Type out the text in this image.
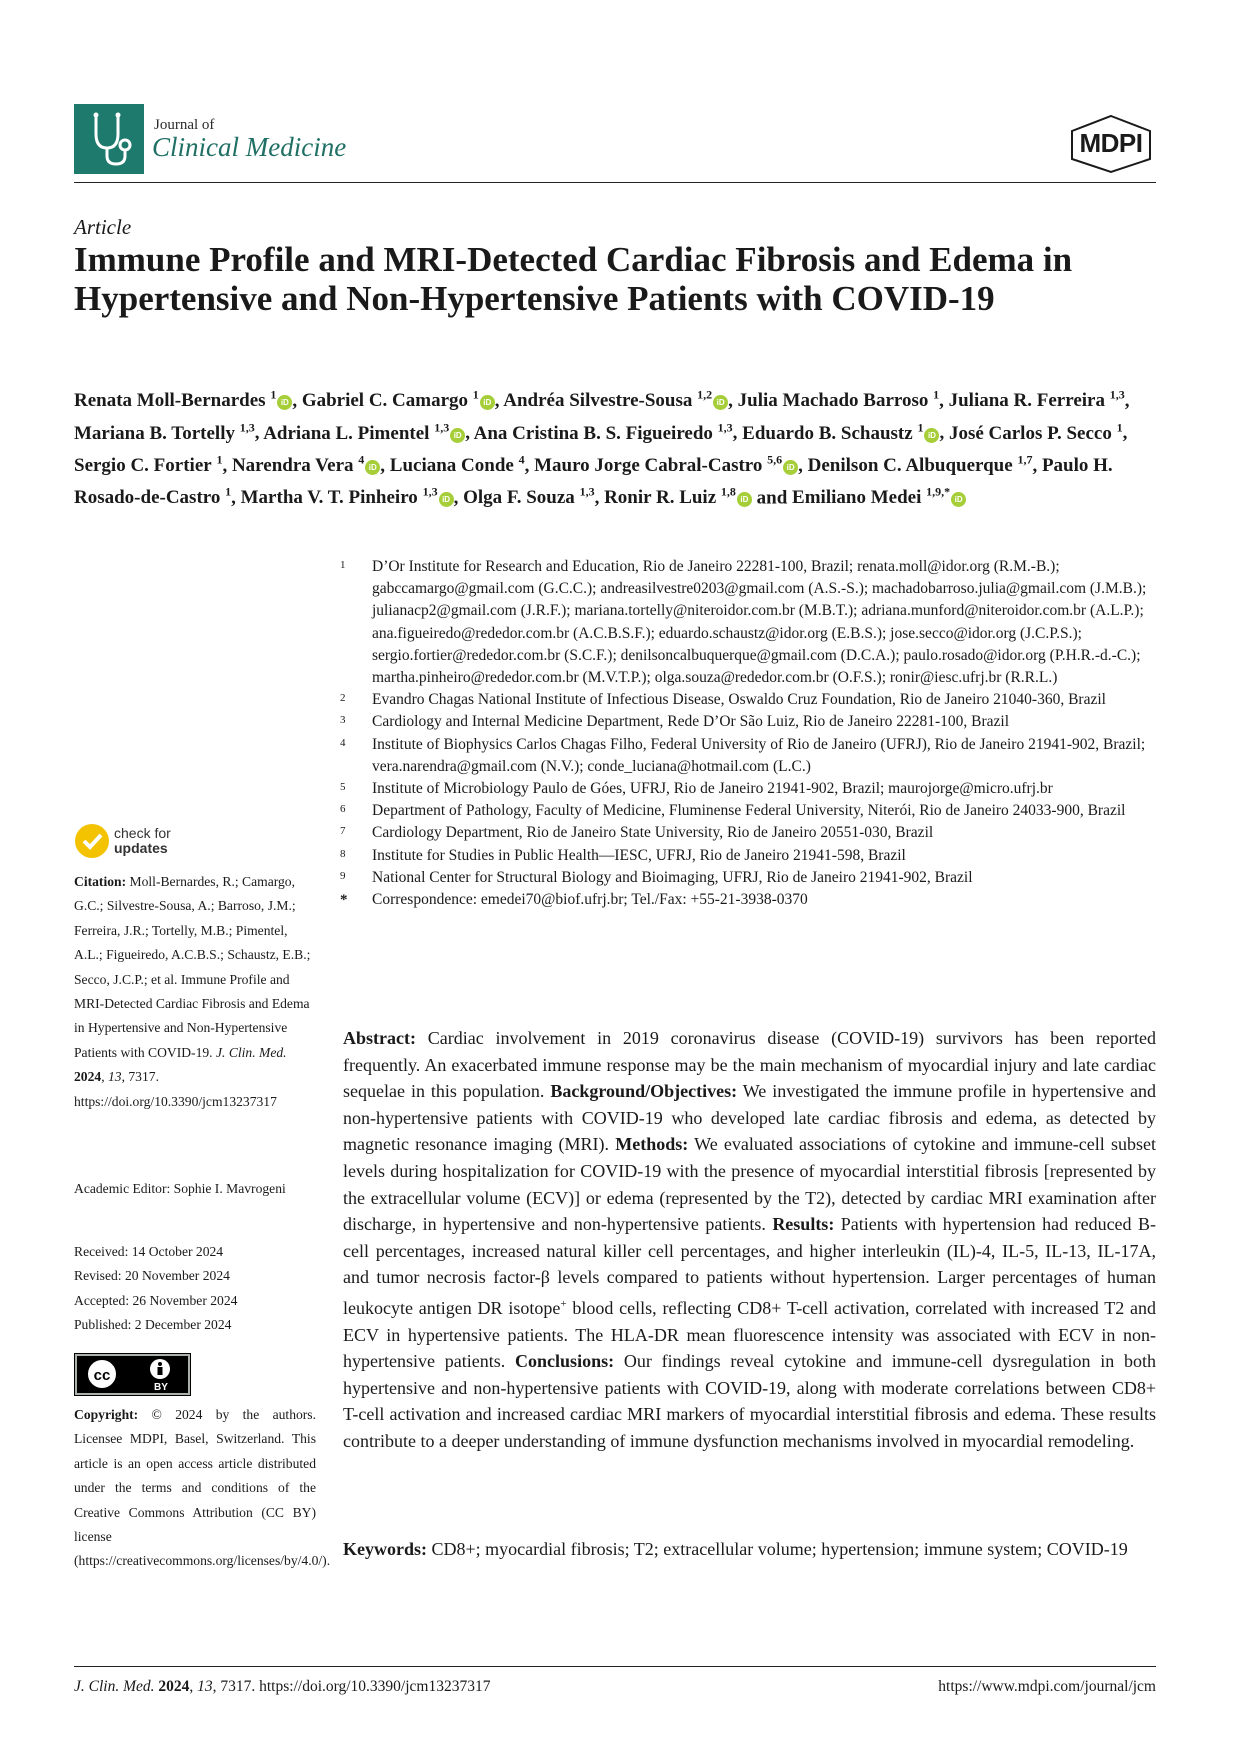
Journal of
Clinical Medicine	MDPI
Article
Immune Profile and MRI-Detected Cardiac Fibrosis and Edema in Hypertensive and Non-Hypertensive Patients with COVID-19
Renata Moll-Bernardes $^1$iD , Gabriel C. Camargo $^1$iD , Andréa Silvestre-Sousa $^{1,2}$iD , Julia Machado Barroso $^1$, Juliana R. Ferreira $^{1,3}$, Mariana B. Tortelly $^{1,3}$, Adriana L. Pimentel $^{1,3}$iD , Ana Cristina B. S. Figueiredo $^{1,3}$, Eduardo B. Schaustz $^1$iD , José Carlos P. Secco $^1$, Sergio C. Fortier $^1$, Narendra Vera $^4$iD , Luciana Conde $^4$, Mauro Jorge Cabral-Castro $^{5,6}$iD , Denilson C. Albuquerque $^{1,7}$, Paulo H. Rosado-de-Castro $^1$, Martha V. T. Pinheiro $^{1,3}$iD , Olga F. Souza $^{1,3}$, Ronir R. Luiz $^{1,8}$iD and Emiliano Medei $^{1,9,*}$iD
1 D’Or Institute for Research and Education, Rio de Janeiro 22281-100, Brazil; renata.moll@idor.org (R.M.-B.); gabccamargo@gmail.com (G.C.C.); andreasilvestre0203@gmail.com (A.S.-S.); machadobarroso.julia@gmail.com (J.M.B.); julianacp2@gmail.com (J.R.F.); mariana.tortelly@niteroidor.com.br (M.B.T.); adriana.munford@niteroidor.com.br (A.L.P.); ana.figueiredo@rededor.com.br (A.C.B.S.F.); eduardo.schaustz@idor.org (E.B.S.); jose.secco@idor.org (J.C.P.S.); sergio.fortier@rededor.com.br (S.C.F.); denilsoncalbuquerque@gmail.com (D.C.A.); paulo.rosado@idor.org (P.H.R.-d.-C.); martha.pinheiro@rededor.com.br (M.V.T.P.); olga.souza@rededor.com.br (O.F.S.); ronir@iesc.ufrj.br (R.R.L.)
2 Evandro Chagas National Institute of Infectious Disease, Oswaldo Cruz Foundation, Rio de Janeiro 21040-360, Brazil
3 Cardiology and Internal Medicine Department, Rede D’Or São Luiz, Rio de Janeiro 22281-100, Brazil
4 Institute of Biophysics Carlos Chagas Filho, Federal University of Rio de Janeiro (UFRJ), Rio de Janeiro 21941-902, Brazil; vera.narendra@gmail.com (N.V.); conde_luciana@hotmail.com (L.C.)
5 Institute of Microbiology Paulo de Góes, UFRJ, Rio de Janeiro 21941-902, Brazil; maurojorge@micro.ufrj.br
6 Department of Pathology, Faculty of Medicine, Fluminense Federal University, Niterói, Rio de Janeiro 24033-900, Brazil
7 Cardiology Department, Rio de Janeiro State University, Rio de Janeiro 20551-030, Brazil
8 Institute for Studies in Public Health—IESC, UFRJ, Rio de Janeiro 21941-598, Brazil
9 National Center for Structural Biology and Bioimaging, UFRJ, Rio de Janeiro 21941-902, Brazil
* Correspondence: emedei70@biof.ufrj.br; Tel./Fax: +55-21-3938-0370
check for
updates
Citation: Moll-Bernardes, R.; Camargo, G.C.; Silvestre-Sousa, A.; Barroso, J.M.; Ferreira, J.R.; Tortelly, M.B.; Pimentel, A.L.; Figueiredo, A.C.B.S.; Schaustz, E.B.; Secco, J.C.P.; et al. Immune Profile and MRI-Detected Cardiac Fibrosis and Edema in Hypertensive and Non-Hypertensive Patients with COVID-19. J. Clin. Med. 2024, 13, 7317. https://doi.org/10.3390/jcm13237317
Academic Editor: Sophie I. Mavrogeni
Received: 14 October 2024
Revised: 20 November 2024
Accepted: 26 November 2024
Published: 2 December 2024
cc
BY
Copyright: © 2024 by the authors. Licensee MDPI, Basel, Switzerland. This article is an open access article distributed under the terms and conditions of the Creative Commons Attribution (CC BY) license (https://creativecommons.org/licenses/by/4.0/).

Abstract: Cardiac involvement in 2019 coronavirus disease (COVID-19) survivors has been reported frequently. An exacerbated immune response may be the main mechanism of myocardial injury and late cardiac sequelae in this population. Background/Objectives: We investigated the immune profile in hypertensive and non-hypertensive patients with COVID-19 who developed late cardiac fibrosis and edema, as detected by magnetic resonance imaging (MRI). Methods: We evaluated associations of cytokine and immune-cell subset levels during hospitalization for COVID-19 with the presence of myocardial interstitial fibrosis [represented by the extracellular volume (ECV)] or edema (represented by the T2), detected by cardiac MRI examination after discharge, in hypertensive and non-hypertensive patients. Results: Patients with hypertension had reduced B-cell percentages, increased natural killer cell percentages, and higher interleukin (IL)-4, IL-5, IL-13, IL-17A, and tumor necrosis factor-β levels compared to patients without hypertension. Larger percentages of human leukocyte antigen DR isotope+ blood cells, reflecting CD8+ T-cell activation, correlated with increased T2 and ECV in hypertensive patients. The HLA-DR mean fluorescence intensity was associated with ECV in non-hypertensive patients. Conclusions: Our findings reveal cytokine and immune-cell dysregulation in both hypertensive and non-hypertensive patients with COVID-19, along with moderate correlations between CD8+ T-cell activation and increased cardiac MRI markers of myocardial interstitial fibrosis and edema. These results contribute to a deeper understanding of immune dysfunction mechanisms involved in myocardial remodeling.

Keywords: CD8+; myocardial fibrosis; T2; extracellular volume; hypertension; immune system; COVID-19

J. Clin. Med. 2024, 13, 7317. https://doi.org/10.3390/jcm13237317	https://www.mdpi.com/journal/jcm
